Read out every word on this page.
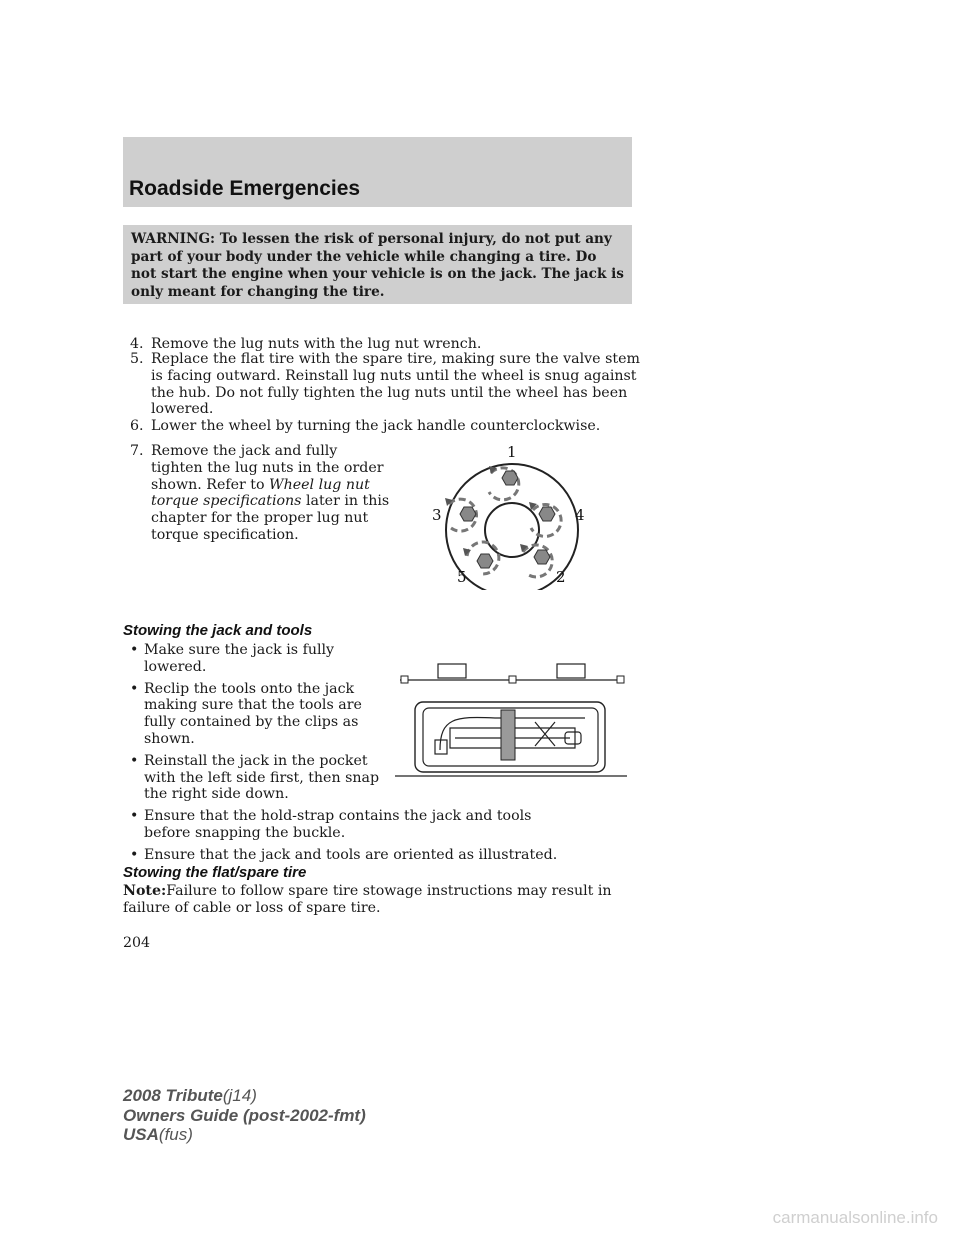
Roadside Emergencies

WARNING: To lessen the risk of personal injury, do not put any part of your body under the vehicle while changing a tire. Do not start the engine when your vehicle is on the jack. The jack is only meant for changing the tire.

4. Remove the lug nuts with the lug nut wrench.

5. Replace the flat tire with the spare tire, making sure the valve stem

is facing outward. Reinstall lug nuts until the wheel is snug against the hub. Do not fully tighten the lug nuts until the wheel has been lowered.

6. Lower the wheel by turning the jack handle counterclockwise.

7. Remove the jack and fully

tighten the lug nuts in the order shown. Refer to Wheel lug nut torque specifications later in this chapter for the proper lug nut torque specification.

1
4
2
5
3
Stowing the jack and tools
• Make sure the jack is fully lowered.
• Reclip the tools onto the jack making sure that the tools are fully contained by the clips as shown.
• Reinstall the jack in the pocket with the left side first, then snap the right side down.
• Ensure that the hold-strap contains the jack and tools before snapping the buckle.
• Ensure that the jack and tools are oriented as illustrated.
Stowing the flat/spare tire

Note:Failure to follow spare tire stowage instructions may result in failure of cable or loss of spare tire.

204

2008 Tribute(j14)
Owners Guide (post-2002-fmt)
USA(fus)

carmanualsonline.info
